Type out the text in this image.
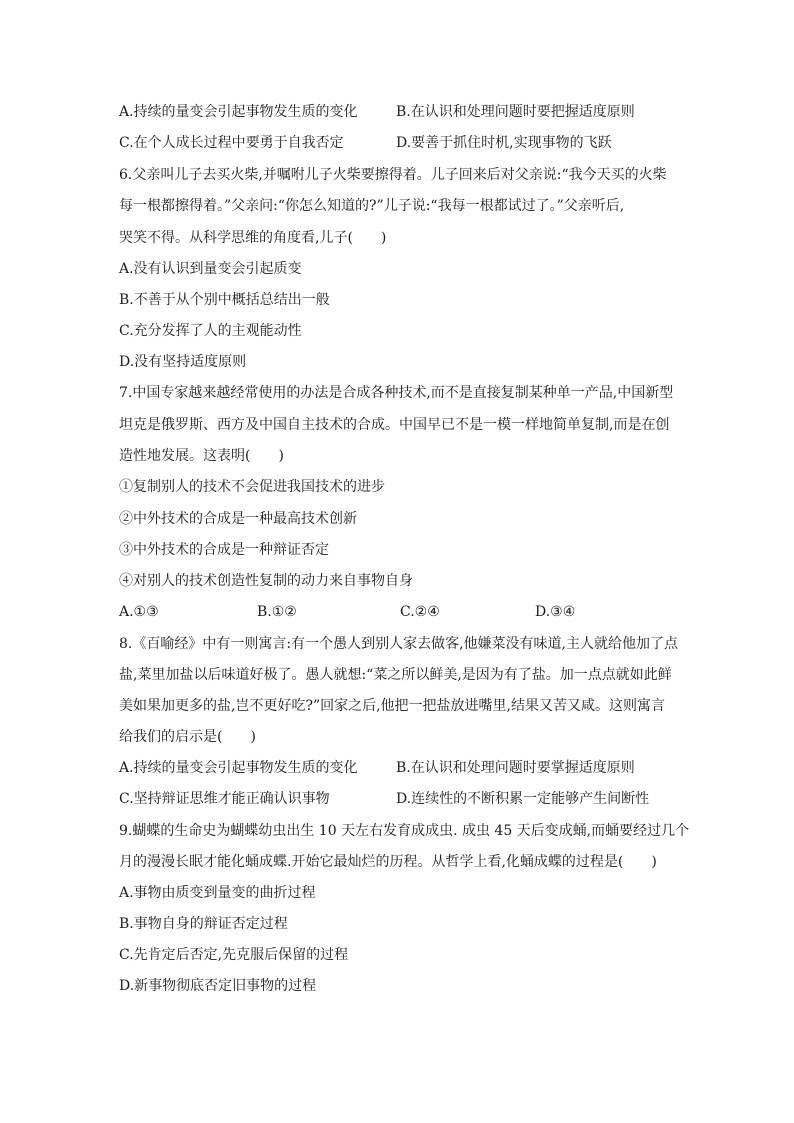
A.持续的量变会引起事物发生质的变化	B.在认识和处理问题时要把握适度原则
C.在个人成长过程中要勇于自我否定	D.要善于抓住时机,实现事物的飞跃
6.父亲叫儿子去买火柴,并嘱咐儿子火柴要擦得着。儿子回来后对父亲说:“我今天买的火柴
每一根都擦得着。”父亲问:“你怎么知道的?”儿子说:“我每一根都试过了。”父亲听后,
哭笑不得。从科学思维的角度看,儿子(　　)
A.没有认识到量变会引起质变
B.不善于从个别中概括总结出一般
C.充分发挥了人的主观能动性
D.没有坚持适度原则
7.中国专家越来越经常使用的办法是合成各种技术,而不是直接复制某种单一产品,中国新型
坦克是俄罗斯、西方及中国自主技术的合成。中国早已不是一模一样地简单复制,而是在创
造性地发展。这表明(　　)
①复制别人的技术不会促进我国技术的进步
②中外技术的合成是一种最高技术创新
③中外技术的合成是一种辩证否定
④对别人的技术创造性复制的动力来自事物自身
A.①③	B.①②	C.②④	D.③④
8.《百喻经》中有一则寓言:有一个愚人到别人家去做客,他嫌菜没有味道,主人就给他加了点
盐,菜里加盐以后味道好极了。愚人就想:“菜之所以鲜美,是因为有了盐。加一点点就如此鲜
美如果加更多的盐,岂不更好吃?”回家之后,他把一把盐放进嘴里,结果又苦又咸。这则寓言
给我们的启示是(　　)
A.持续的量变会引起事物发生质的变化	B.在认识和处理问题时要掌握适度原则
C.坚持辩证思维才能正确认识事物	D.连续性的不断积累一定能够产生间断性
9.蝴蝶的生命史为蝴蝶幼虫出生 10 天左右发育成成虫. 成虫 45 天后变成蛹,而蛹要经过几个
月的漫漫长眠才能化蛹成蝶.开始它最灿烂的历程。从哲学上看,化蛹成蝶的过程是(　　)
A.事物由质变到量变的曲折过程
B.事物自身的辩证否定过程
C.先肯定后否定,先克服后保留的过程
D.新事物彻底否定旧事物的过程
